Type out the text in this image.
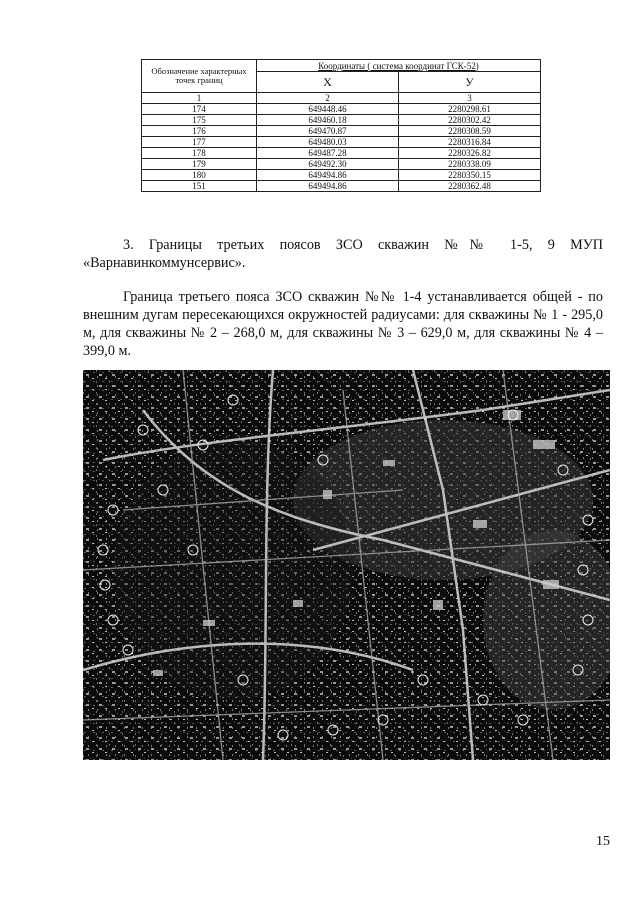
Обозначение характерных точек границ	Координаты ( система координат ГСК-52)	
	Х	У
1	2	3
174	649448.46	2280298.61
175	649460.18	2280302.42
176	649470.87	2280308.59
177	649480.03	2280316.84
178	649487.28	2280326.82
179	649492.30	2280338.09
180	649494.86	2280350.15
151	649494.86	2280362.48

3. Границы третьих поясов ЗСО скважин №№ 1-5, 9 МУП «Варнавинкоммунсервис».

Граница третьего пояса ЗСО скважин №№ 1-4 устанавливается общей - по внешним дугам пересекающихся окружностей радиусами: для скважины № 1 - 295,0 м, для скважины № 2 – 268,0 м, для скважины № 3 – 629,0 м, для скважины № 4 – 399,0 м.

15
